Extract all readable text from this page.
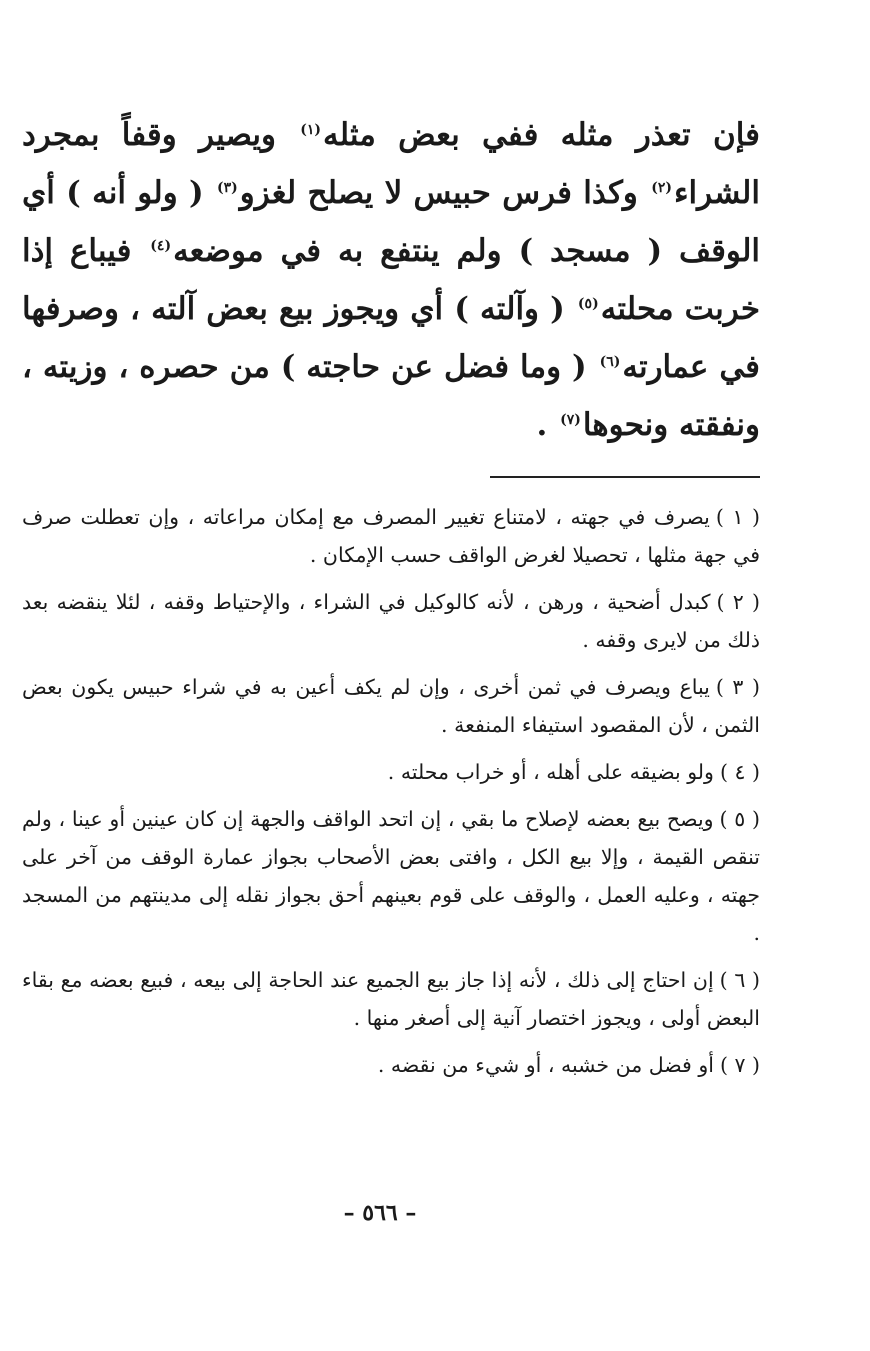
فإن تعذر مثله ففي بعض مثله$^{(١)}$ ويصير وقفاً بمجرد الشراء$^{(٢)}$ وكذا فرس حبيس لا يصلح لغزو$^{(٣)}$ ( ولو أنه ) أي الوقف ( مسجد ) ولم ينتفع به في موضعه$^{(٤)}$ فيباع إذا خربت محلته$^{(٥)}$ ( وآلته ) أي ويجوز بيع بعض آلته ، وصرفها في عمارته$^{(٦)}$ ( وما فضل عن حاجته ) من حصره ، وزيته ، ونفقته ونحوها$^{(٧)}$ .

( ١ )يصرف في جهته ، لامتناع تغيير المصرف مع إمكان مراعاته ، وإن تعطلت صرف في جهة مثلها ، تحصيلا لغرض الواقف حسب الإمكان .

( ٢ )كبدل أضحية ، ورهن ، لأنه كالوكيل في الشراء ، والإحتياط وقفه ، لئلا ينقضه بعد ذلك من لايرى وقفه .

( ٣ )يباع ويصرف في ثمن أخرى ، وإن لم يكف أعين به في شراء حبيس يكون بعض الثمن ، لأن المقصود استيفاء المنفعة .

( ٤ )ولو بضيقه على أهله ، أو خراب محلته .

( ٥ )ويصح بيع بعضه لإصلاح ما بقي ، إن اتحد الواقف والجهة إن كان عينين أو عينا ، ولم تنقص القيمة ، وإلا بيع الكل ، وافتى بعض الأصحاب بجواز عمارة الوقف من آخر على جهته ، وعليه العمل ، والوقف على قوم بعينهم أحق بجواز نقله إلى مدينتهم من المسجد .

( ٦ )إن احتاج إلى ذلك ، لأنه إذا جاز بيع الجميع عند الحاجة إلى بيعه ، فبيع بعضه مع بقاء البعض أولى ، ويجوز اختصار آنية إلى أصغر منها .

( ٧ )أو فضل من خشبه ، أو شيء من نقضه .

– ٥٦٦ –
